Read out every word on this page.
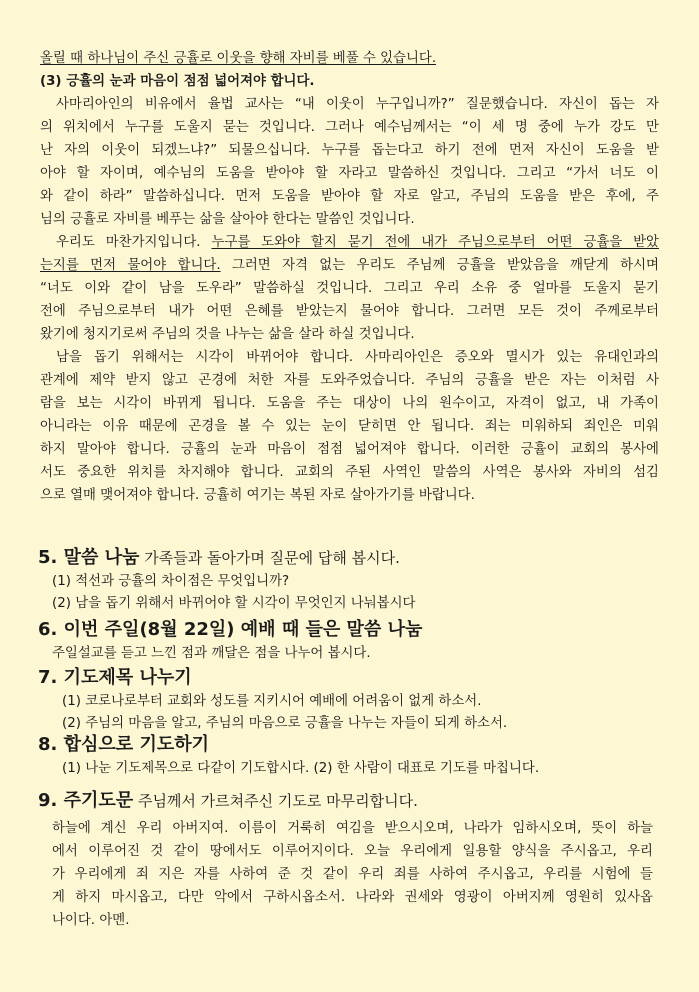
올릴 때 하나님이 주신 긍휼로 이웃을 향해 자비를 베풀 수 있습니다.

(3) 긍휼의 눈과 마음이 점점 넓어져야 합니다.

사마리아인의 비유에서 율법 교사는 “내 이웃이 누구입니까?” 질문했습니다. 자신이 돕는 자

의 위치에서 누구를 도울지 묻는 것입니다. 그러나 예수님께서는 “이 세 명 중에 누가 강도 만

난 자의 이웃이 되겠느냐?” 되물으십니다. 누구를 돕는다고 하기 전에 먼저 자신이 도움을 받

아야 할 자이며, 예수님의 도움을 받아야 할 자라고 말씀하신 것입니다. 그리고 “가서 너도 이

와 같이 하라” 말씀하십니다. 먼저 도움을 받아야 할 자로 알고, 주님의 도움을 받은 후에, 주

님의 긍휼로 자비를 베푸는 삶을 살아야 한다는 말씀인 것입니다.

우리도 마찬가지입니다. 누구를 도와야 할지 묻기 전에 내가 주님으로부터 어떤 긍휼을 받았

는지를 먼저 물어야 합니다. 그러면 자격 없는 우리도 주님께 긍휼을 받았음을 깨닫게 하시며

“너도 이와 같이 남을 도우라” 말씀하실 것입니다. 그리고 우리 소유 중 얼마를 도울지 묻기

전에 주님으로부터 내가 어떤 은혜를 받았는지 물어야 합니다. 그러면 모든 것이 주께로부터

왔기에 청지기로써 주님의 것을 나누는 삶을 살라 하실 것입니다.

남을 돕기 위해서는 시각이 바뀌어야 합니다. 사마리아인은 증오와 멸시가 있는 유대인과의

관계에 제약 받지 않고 곤경에 처한 자를 도와주었습니다. 주님의 긍휼을 받은 자는 이처럼 사

람을 보는 시각이 바뀌게 됩니다. 도움을 주는 대상이 나의 원수이고, 자격이 없고, 내 가족이

아니라는 이유 때문에 곤경을 볼 수 있는 눈이 닫히면 안 됩니다. 죄는 미워하되 죄인은 미워

하지 말아야 합니다. 긍휼의 눈과 마음이 점점 넓어져야 합니다. 이러한 긍휼이 교회의 봉사에

서도 중요한 위치를 차지해야 합니다. 교회의 주된 사역인 말씀의 사역은 봉사와 자비의 섬김

으로 열매 맺어져야 합니다. 긍휼히 여기는 복된 자로 살아가기를 바랍니다.

5. 말씀 나눔 가족들과 돌아가며 질문에 답해 봅시다.

(1) 적선과 긍휼의 차이점은 무엇입니까?

(2) 남을 돕기 위해서 바뀌어야 할 시각이 무엇인지 나눠봅시다

6. 이번 주일(8월 22일) 예배 때 들은 말씀 나눔

주일설교를 듣고 느낀 점과 깨달은 점을 나누어 봅시다.

7. 기도제목 나누기

(1) 코로나로부터 교회와 성도를 지키시어 예배에 어려움이 없게 하소서.

(2) 주님의 마음을 알고, 주님의 마음으로 긍휼을 나누는 자들이 되게 하소서.

8. 합심으로 기도하기

(1) 나눈 기도제목으로 다같이 기도합시다. (2) 한 사람이 대표로 기도를 마칩니다.

9. 주기도문 주님께서 가르쳐주신 기도로 마무리합니다.

하늘에 계신 우리 아버지여. 이름이 거룩히 여김을 받으시오며, 나라가 임하시오며, 뜻이 하늘

에서 이루어진 것 같이 땅에서도 이루어지이다. 오늘 우리에게 일용할 양식을 주시옵고, 우리

가 우리에게 죄 지은 자를 사하여 준 것 같이 우리 죄를 사하여 주시옵고, 우리를 시험에 들

게 하지 마시옵고, 다만 악에서 구하시옵소서. 나라와 권세와 영광이 아버지께 영원히 있사옵

나이다. 아멘.
